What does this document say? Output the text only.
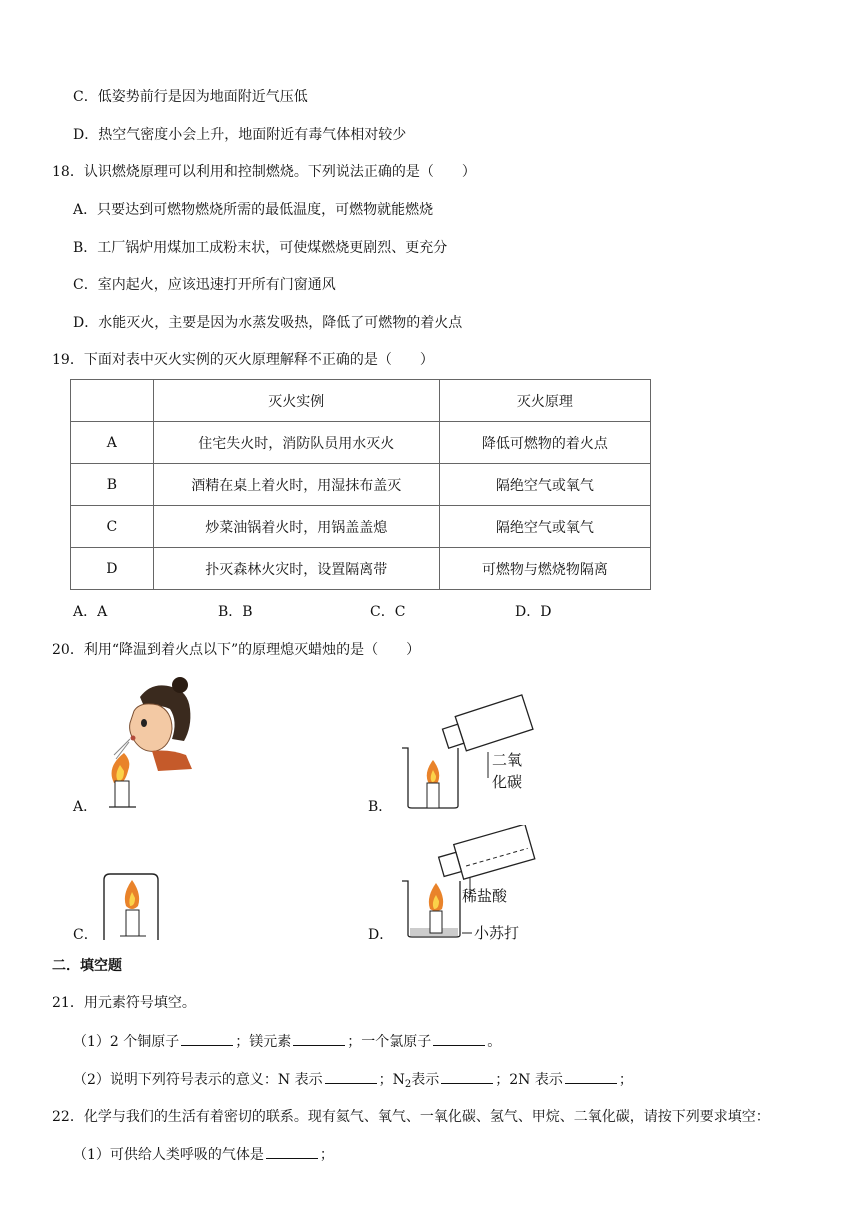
C．低姿势前行是因为地面附近气压低
D．热空气密度小会上升，地面附近有毒气体相对较少
18．认识燃烧原理可以利用和控制燃烧。下列说法正确的是（　　）
A．只要达到可燃物燃烧所需的最低温度，可燃物就能燃烧
B．工厂锅炉用煤加工成粉末状，可使煤燃烧更剧烈、更充分
C．室内起火，应该迅速打开所有门窗通风
D．水能灭火，主要是因为水蒸发吸热，降低了可燃物的着火点
19．下面对表中灭火实例的灭火原理解释不正确的是（　　）
	灭火实例	灭火原理
A	住宅失火时，消防队员用水灭火	降低可燃物的着火点
B	酒精在桌上着火时，用湿抹布盖灭	隔绝空气或氧气
C	炒菜油锅着火时，用锅盖盖熄	隔绝空气或氧气
D	扑灭森林火灾时，设置隔离带	可燃物与燃烧物隔离
A．A	B．B	C．C	D．D
20．利用“降温到着火点以下”的原理熄灭蜡烛的是（　　）
A．
二氧
化碳
B．
C．
稀盐酸
小苏打
D．
二．填空题
21．用元素符号填空。
（1）2 个铜原子	；镁元素	；一个氯原子	。
（2）说明下列符号表示的意义：N 表示	；$N_2$表示	；2N 表示	；
22．化学与我们的生活有着密切的联系。现有氦气、氧气、一氧化碳、氢气、甲烷、二氧化碳，请按下列要求填空：
（1）可供给人类呼吸的气体是	；
